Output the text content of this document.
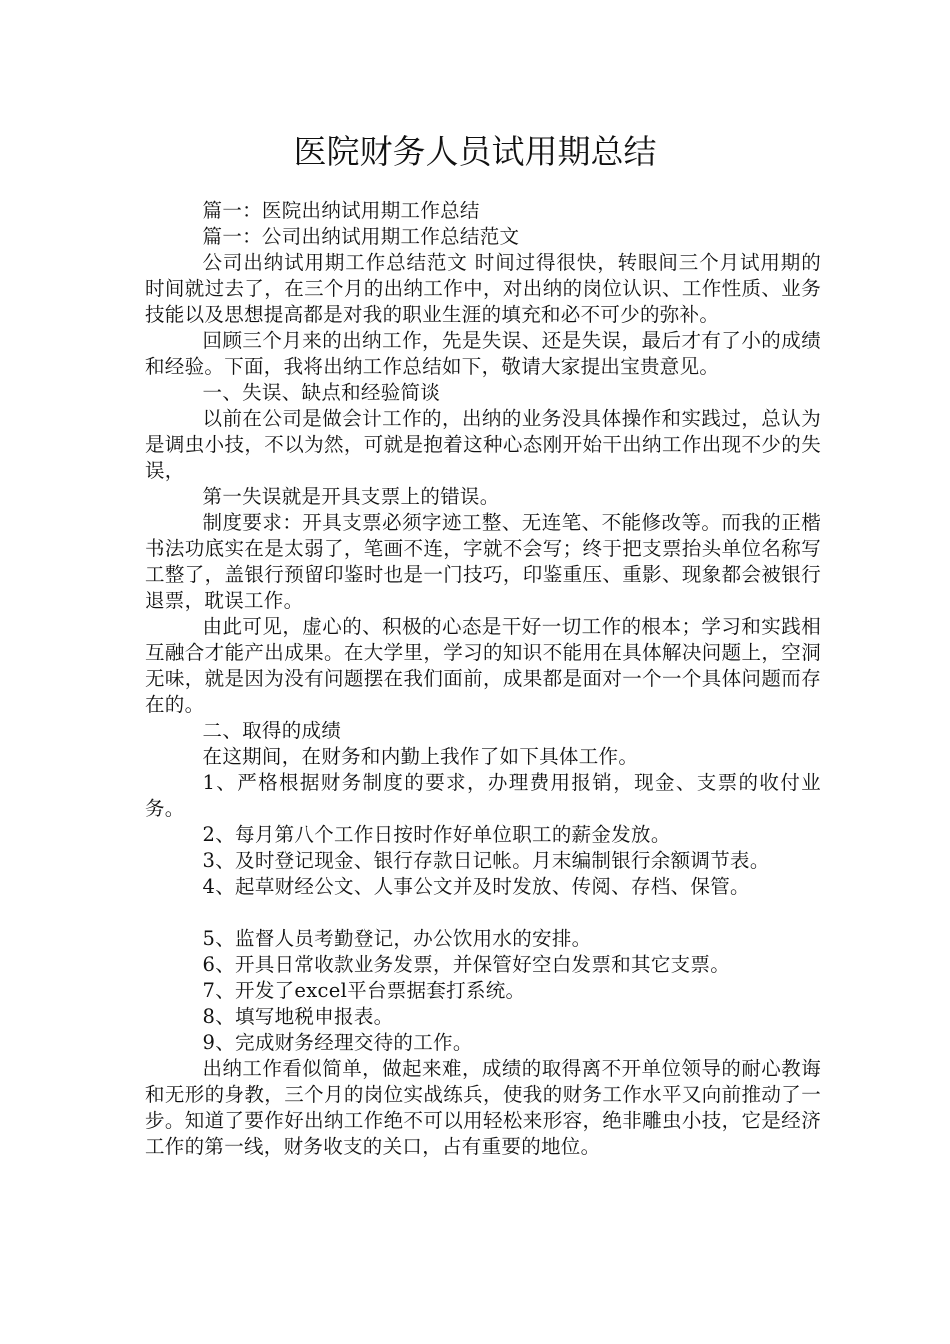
医院财务人员试用期总结

篇一：医院出纳试用期工作总结

篇一：公司出纳试用期工作总结范文

公司出纳试用期工作总结范文 时间过得很快，转眼间三个月试用期的时间就过去了，在三个月的出纳工作中，对出纳的岗位认识、工作性质、业务技能以及思想提高都是对我的职业生涯的填充和必不可少的弥补。

回顾三个月来的出纳工作，先是失误、还是失误，最后才有了小的成绩和经验。下面，我将出纳工作总结如下，敬请大家提出宝贵意见。

一、失误、缺点和经验简谈

以前在公司是做会计工作的，出纳的业务没具体操作和实践过，总认为是调虫小技，不以为然，可就是抱着这种心态刚开始干出纳工作出现不少的失误，

第一失误就是开具支票上的错误。

制度要求：开具支票必须字迹工整、无连笔、不能修改等。而我的正楷书法功底实在是太弱了，笔画不连，字就不会写；终于把支票抬头单位名称写工整了，盖银行预留印鉴时也是一门技巧，印鉴重压、重影、现象都会被银行退票，耽误工作。

由此可见，虚心的、积极的心态是干好一切工作的根本；学习和实践相互融合才能产出成果。在大学里，学习的知识不能用在具体解决问题上，空洞无味，就是因为没有问题摆在我们面前，成果都是面对一个一个具体问题而存在的。

二、取得的成绩

在这期间，在财务和内勤上我作了如下具体工作。

1、严格根据财务制度的要求，办理费用报销，现金、支票的收付业务。

2、每月第八个工作日按时作好单位职工的薪金发放。

3、及时登记现金、银行存款日记帐。月末编制银行余额调节表。

4、起草财经公文、人事公文并及时发放、传阅、存档、保管。

5、监督人员考勤登记，办公饮用水的安排。

6、开具日常收款业务发票，并保管好空白发票和其它支票。

7、开发了excel平台票据套打系统。

8、填写地税申报表。

9、完成财务经理交待的工作。

出纳工作看似简单，做起来难，成绩的取得离不开单位领导的耐心教诲和无形的身教，三个月的岗位实战练兵，使我的财务工作水平又向前推动了一步。知道了要作好出纳工作绝不可以用轻松来形容，绝非雕虫小技，它是经济工作的第一线，财务收支的关口，占有重要的地位。
